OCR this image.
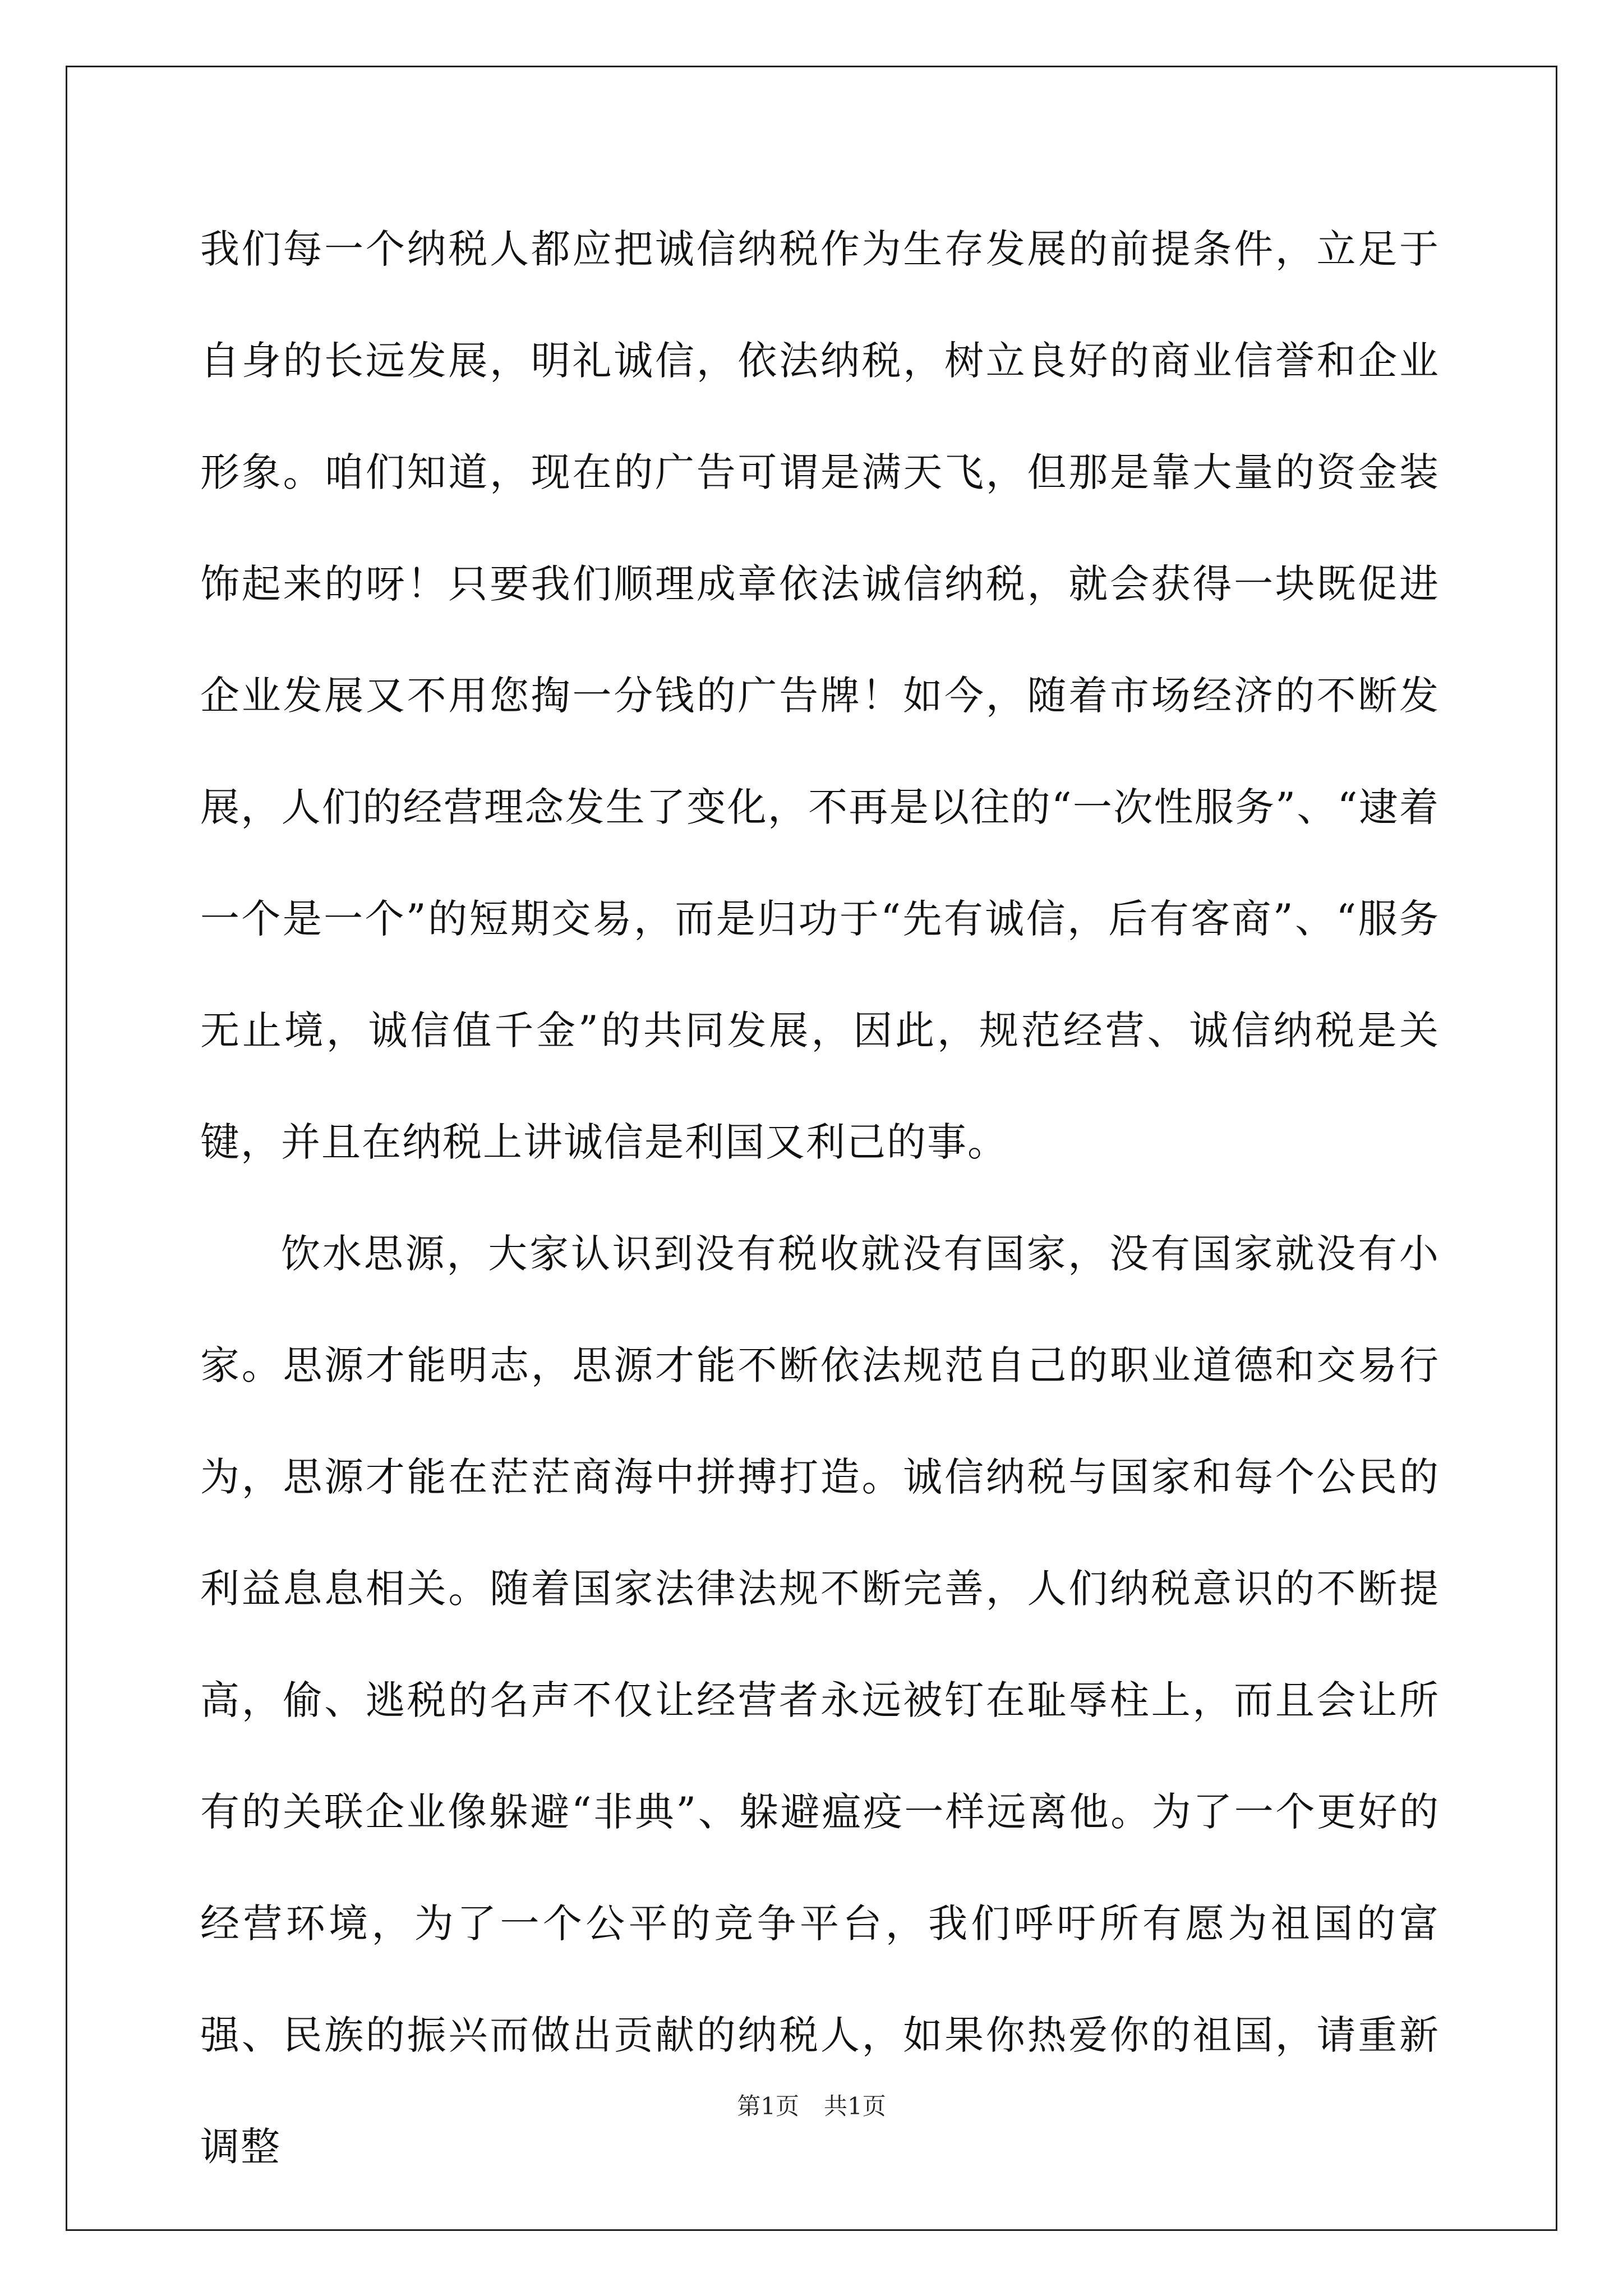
我们每一个纳税人都应把诚信纳税作为生存发展的前提条件，立足于自身的长远发展，明礼诚信，依法纳税，树立良好的商业信誉和企业形象。咱们知道，现在的广告可谓是满天飞，但那是靠大量的资金装饰起来的呀！只要我们顺理成章依法诚信纳税，就会获得一块既促进企业发展又不用您掏一分钱的广告牌！如今，随着市场经济的不断发展，人们的经营理念发生了变化，不再是以往的“一次性服务”、“逮着一个是一个”的短期交易，而是归功于“先有诚信，后有客商”、“服务无止境，诚信值千金”的共同发展，因此，规范经营、诚信纳税是关键，并且在纳税上讲诚信是利国又利己的事。

饮水思源，大家认识到没有税收就没有国家，没有国家就没有小家。思源才能明志，思源才能不断依法规范自己的职业道德和交易行为，思源才能在茫茫商海中拼搏打造。诚信纳税与国家和每个公民的利益息息相关。随着国家法律法规不断完善，人们纳税意识的不断提高，偷、逃税的名声不仅让经营者永远被钉在耻辱柱上，而且会让所有的关联企业像躲避“非典”、躲避瘟疫一样远离他。为了一个更好的经营环境，为了一个公平的竞争平台，我们呼吁所有愿为祖国的富强、民族的振兴而做出贡献的纳税人，如果你热爱你的祖国，请重新调整

第1页 共1页
